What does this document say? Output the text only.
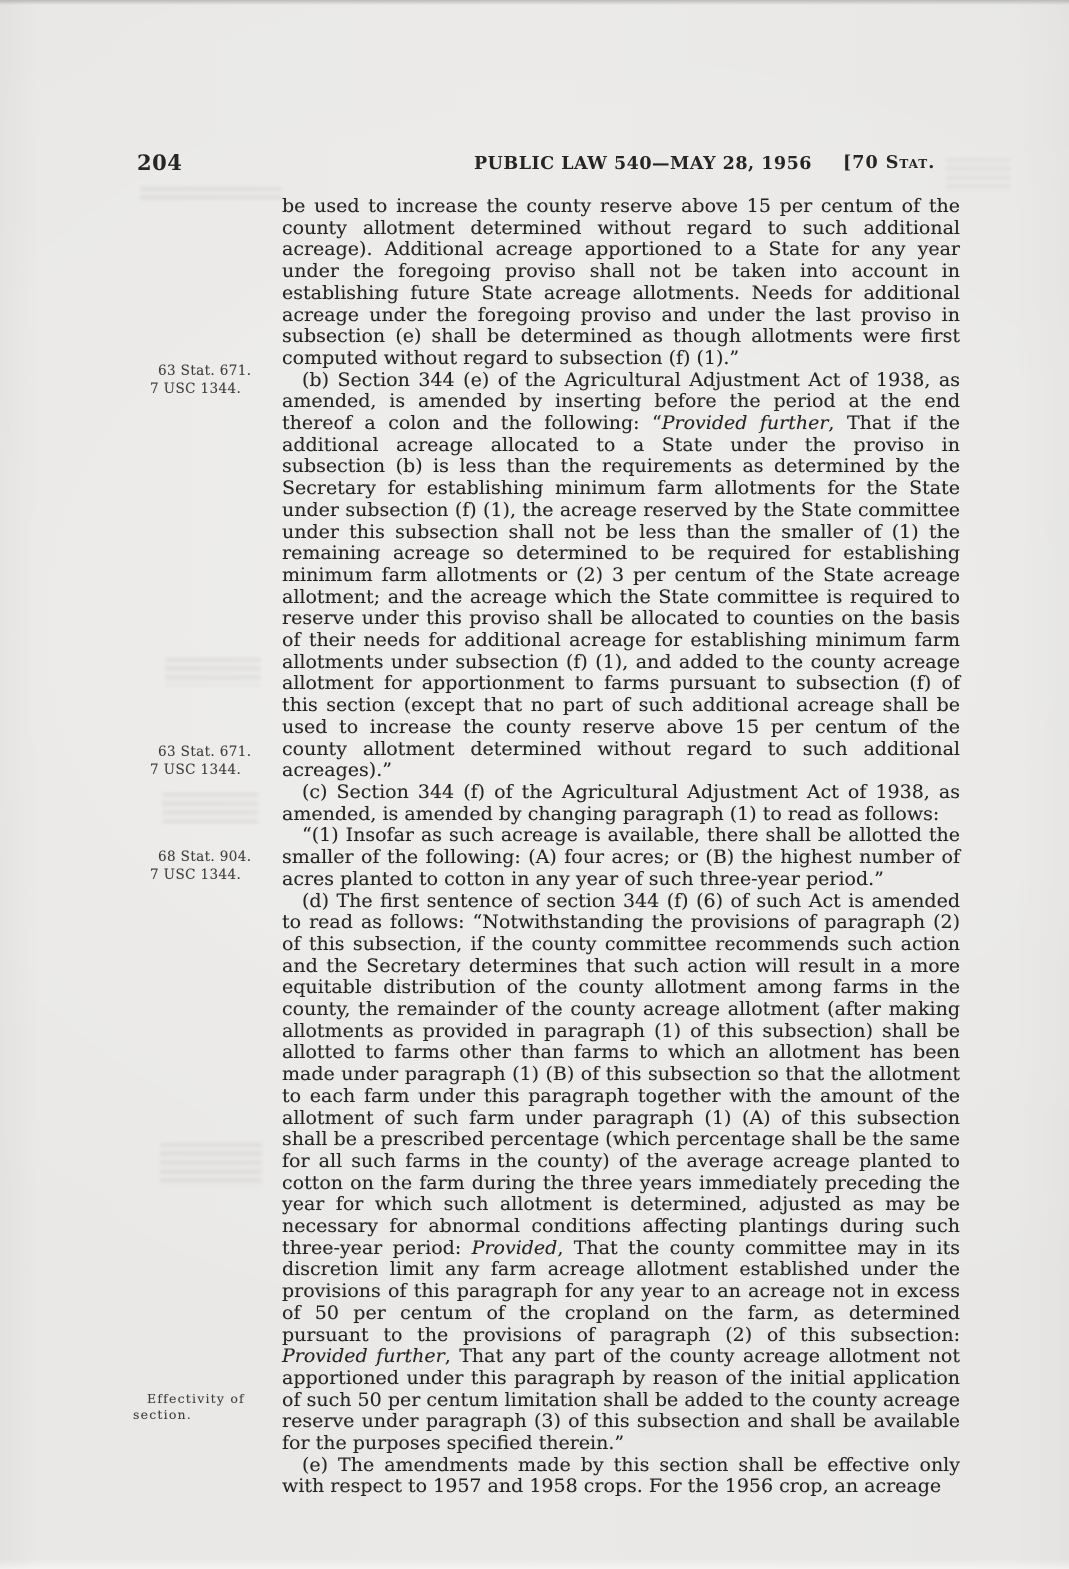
204	PUBLIC LAW 540—MAY 28, 1956 [70 Stat.
63 Stat. 671.
7 USC 1344.
63 Stat. 671.
7 USC 1344.
68 Stat. 904.
7 USC 1344.
Effectivity of
section.

be used to increase the county reserve above 15 per centum of the county allotment determined without regard to such additional acreage). Additional acreage apportioned to a State for any year under the foregoing proviso shall not be taken into account in establishing future State acreage allotments. Needs for additional acreage under the foregoing proviso and under the last proviso in subsection (e) shall be determined as though allotments were first computed without regard to subsection (f) (1).”

(b) Section 344 (e) of the Agricultural Adjustment Act of 1938, as amended, is amended by inserting before the period at the end thereof a colon and the following: “Provided further, That if the additional acreage allocated to a State under the proviso in subsection (b) is less than the requirements as determined by the Secretary for establishing minimum farm allotments for the State under subsection (f) (1), the acreage reserved by the State committee under this subsection shall not be less than the smaller of (1) the remaining acreage so determined to be required for establishing minimum farm allotments or (2) 3 per centum of the State acreage allotment; and the acreage which the State committee is required to reserve under this proviso shall be allocated to counties on the basis of their needs for additional acreage for establishing minimum farm allotments under subsection (f) (1), and added to the county acreage allotment for apportionment to farms pursuant to subsection (f) of this section (except that no part of such additional acreage shall be used to increase the county reserve above 15 per centum of the county allotment determined without regard to such additional acreages).”

(c) Section 344 (f) of the Agricultural Adjustment Act of 1938, as amended, is amended by changing paragraph (1) to read as follows:

“(1) Insofar as such acreage is available, there shall be allotted the smaller of the following: (A) four acres; or (B) the highest number of acres planted to cotton in any year of such three-year period.”

(d) The first sentence of section 344 (f) (6) of such Act is amended to read as follows: “Notwithstanding the provisions of paragraph (2) of this subsection, if the county committee recommends such action and the Secretary determines that such action will result in a more equitable distribution of the county allotment among farms in the county, the remainder of the county acreage allotment (after making allotments as provided in paragraph (1) of this subsection) shall be allotted to farms other than farms to which an allotment has been made under paragraph (1) (B) of this subsection so that the allotment to each farm under this paragraph together with the amount of the allotment of such farm under paragraph (1) (A) of this subsection shall be a prescribed percentage (which percentage shall be the same for all such farms in the county) of the average acreage planted to cotton on the farm during the three years immediately preceding the year for which such allotment is determined, adjusted as may be necessary for abnormal conditions affecting plantings during such three-year period: Provided, That the county committee may in its discretion limit any farm acreage allotment established under the provisions of this paragraph for any year to an acreage not in excess of 50 per centum of the cropland on the farm, as determined pursuant to the provisions of paragraph (2) of this subsection: Provided further, That any part of the county acreage allotment not apportioned under this paragraph by reason of the initial application of such 50 per centum limitation shall be added to the county acreage reserve under paragraph (3) of this subsection and shall be available for the purposes specified therein.”

(e) The amendments made by this section shall be effective only with respect to 1957 and 1958 crops. For the 1956 crop, an acreage
